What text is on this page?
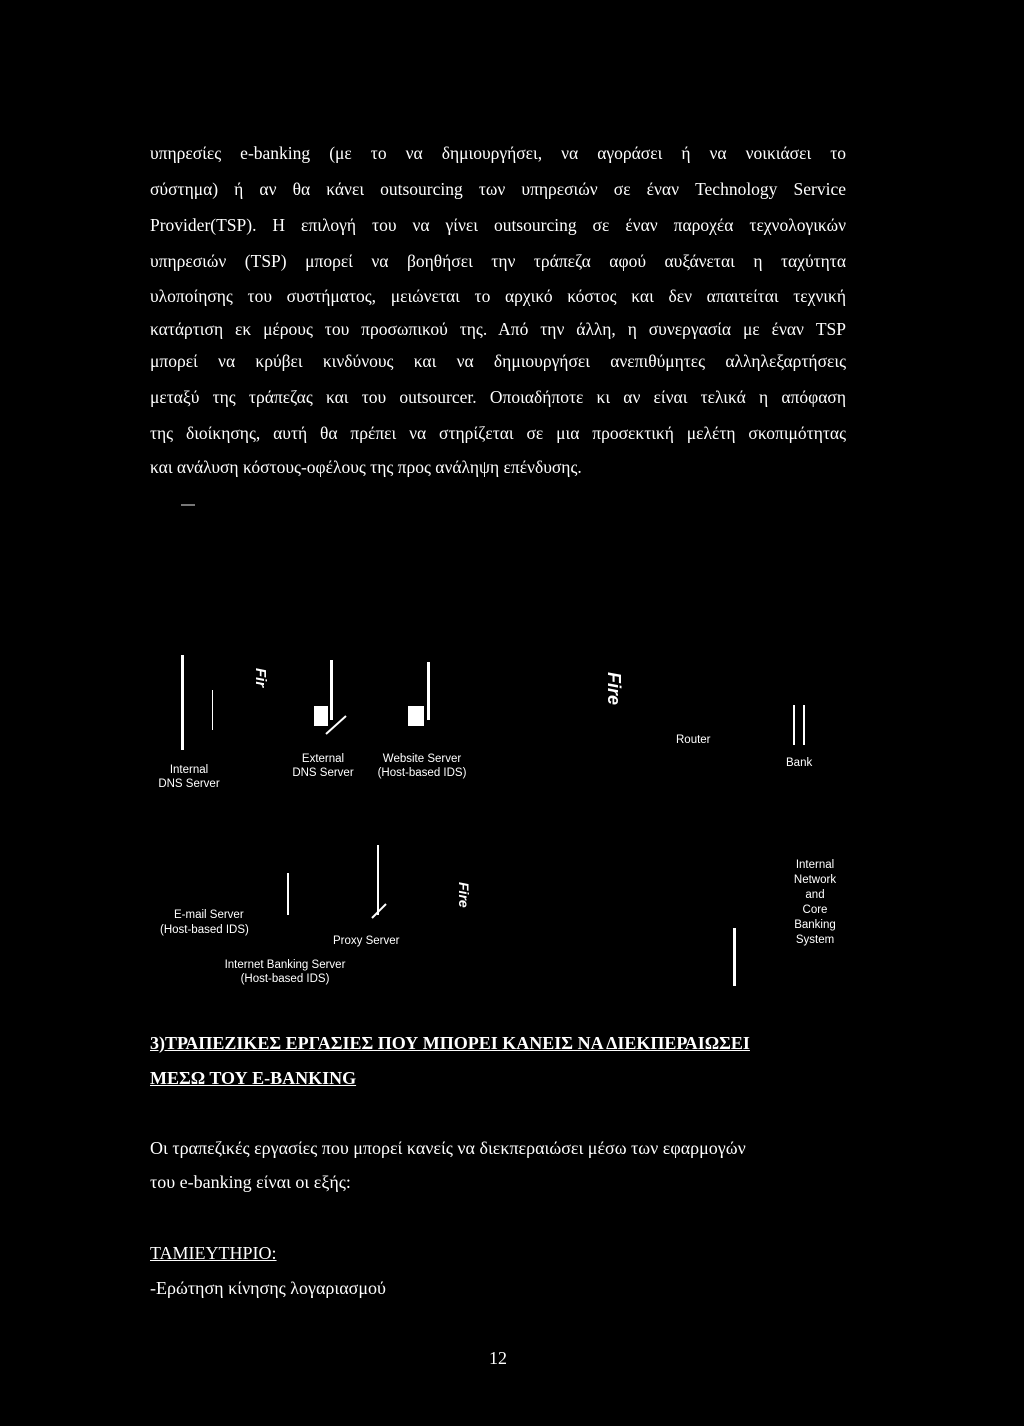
υπηρεσίες e-banking (με το να δημιουργήσει, να αγοράσει ή να νοικιάσει το
σύστημα) ή αν θα κάνει outsourcing των υπηρεσιών σε έναν Technology Service
Provider(TSP). Η επιλογή του να γίνει outsourcing σε έναν παροχέα τεχνολογικών
υπηρεσιών (TSP) μπορεί να βοηθήσει την τράπεζα αφού αυξάνεται η ταχύτητα
υλοποίησης του συστήματος, μειώνεται το αρχικό κόστος και δεν απαιτείται τεχνική
κατάρτιση εκ μέρους του προσωπικού της. Από την άλλη, η συνεργασία με έναν TSP
μπορεί να κρύβει κινδύνους και να δημιουργήσει ανεπιθύμητες αλληλεξαρτήσεις
μεταξύ της τράπεζας και του outsourcer. Οποιαδήποτε κι αν είναι τελικά η απόφαση
της διοίκησης, αυτή θα πρέπει να στηρίζεται σε μια προσεκτική μελέτη σκοπιμότητας
και ανάλυση κόστους-οφέλους της προς ανάληψη επένδυσης.
Internal
DNS Server
Fir
External
DNS Server
Website Server
(Host-based IDS)
Fire
Router
Bank
E-mail Server
(Host-based IDS)
Proxy Server
Fire
Internet Banking Server
(Host-based IDS)
Internal
Network
and
Core
Banking
System
3)ΤΡΑΠΕΖΙΚΕΣ ΕΡΓΑΣΙΕΣ ΠΟΥ ΜΠΟΡΕΙ ΚΑΝΕΙΣ ΝΑ ΔΙΕΚΠΕΡΑΙΩΣΕΙ
ΜΕΣΩ ΤΟΥ E-BANKING
Οι τραπεζικές εργασίες που μπορεί κανείς να διεκπεραιώσει μέσω των εφαρμογών
του e-banking είναι οι εξής:
ΤΑΜΙΕΥΤΗΡΙΟ:
-Ερώτηση κίνησης λογαριασμού
12
